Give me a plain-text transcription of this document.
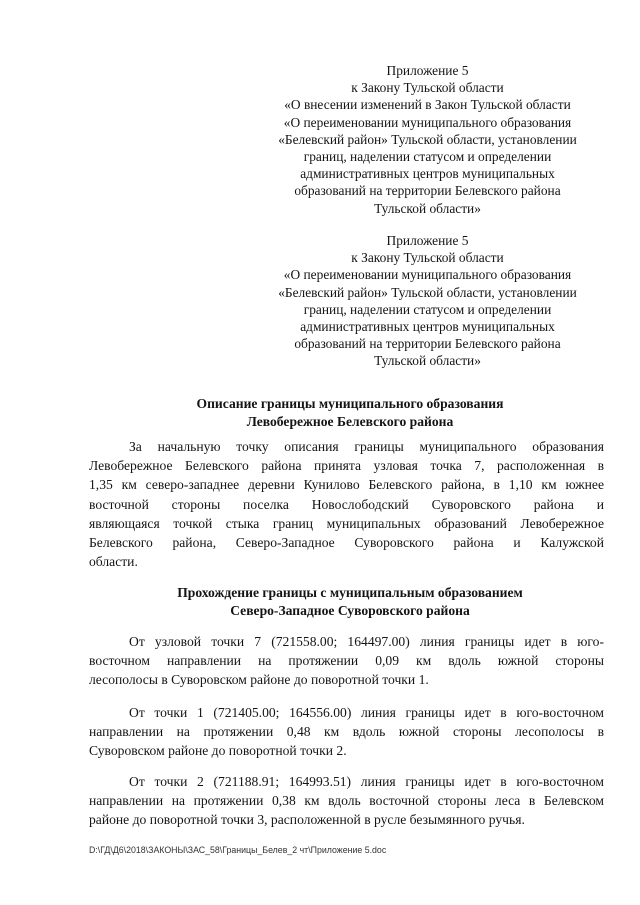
Приложение 5
к Закону Тульской области
«О внесении изменений в Закон Тульской области
«О переименовании муниципального образования
«Белевский район» Тульской области, установлении
границ, наделении статусом и определении
административных центров муниципальных
образований на территории Белевского района
Тульской области»
Приложение 5
к Закону Тульской области
«О переименовании муниципального образования
«Белевский район» Тульской области, установлении
границ, наделении статусом и определении
административных центров муниципальных
образований на территории Белевского района
Тульской области»
Описание границы муниципального образования
Левобережное Белевского района
За начальную точку описания границы муниципального образования
Левобережное Белевского района принята узловая точка 7, расположенная в
1,35 км северо-западнее деревни Кунилово Белевского района, в 1,10 км южнее
восточной стороны поселка Новослободский Суворовского района и
являющаяся точкой стыка границ муниципальных образований Левобережное
Белевского района, Северо-Западное Суворовского района и Калужской
области.
Прохождение границы с муниципальным образованием
Северо-Западное Суворовского района
От узловой точки 7 (721558.00; 164497.00) линия границы идет в юго-
восточном направлении на протяжении 0,09 км вдоль южной стороны
лесополосы в Суворовском районе до поворотной точки 1.
От точки 1 (721405.00; 164556.00) линия границы идет в юго-восточном
направлении на протяжении 0,48 км вдоль южной стороны лесополосы в
Суворовском районе до поворотной точки 2.
От точки 2 (721188.91; 164993.51) линия границы идет в юго-восточном
направлении на протяжении 0,38 км вдоль восточной стороны леса в Белевском
районе до поворотной точки 3, расположенной в русле безымянного ручья.
D:\ГД\Д6\2018\ЗАКОНЫ\ЗАС_58\Границы_Белев_2 чт\Приложение 5.doc
